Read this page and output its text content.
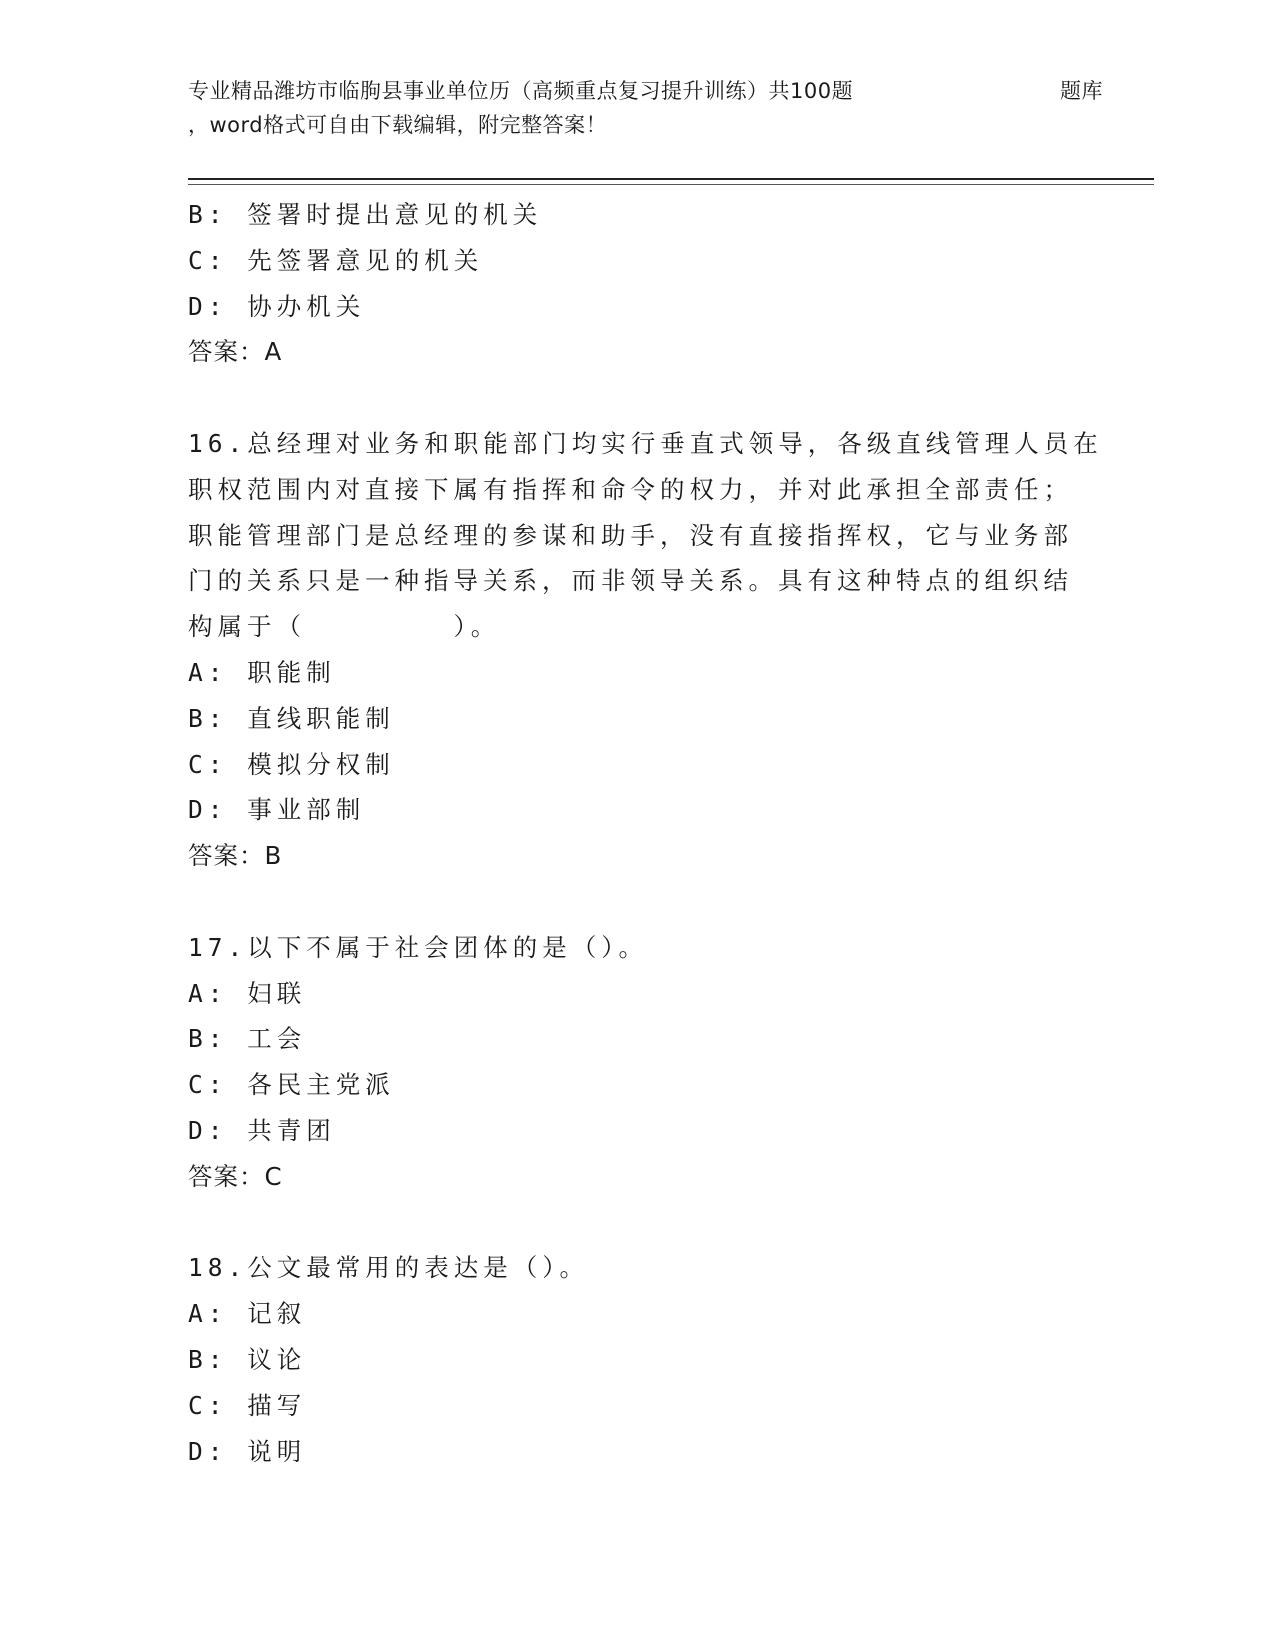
专业精品潍坊市临朐县事业单位历（高频重点复习提升训练）共100题	题库
，word格式可自由下载编辑，附完整答案！
B: 签署时提出意见的机关
C: 先签署意见的机关
D: 协办机关
答案：A
16.总经理对业务和职能部门均实行垂直式领导，各级直线管理人员在
职权范围内对直接下属有指挥和命令的权力，并对此承担全部责任；
职能管理部门是总经理的参谋和助手，没有直接指挥权，它与业务部
门的关系只是一种指导关系，而非领导关系。具有这种特点的组织结
构属于（　　　　　）。
A: 职能制
B: 直线职能制
C: 模拟分权制
D: 事业部制
答案：B
17.以下不属于社会团体的是（）。
A: 妇联
B: 工会
C: 各民主党派
D: 共青团
答案：C
18.公文最常用的表达是（）。
A: 记叙
B: 议论
C: 描写
D: 说明
